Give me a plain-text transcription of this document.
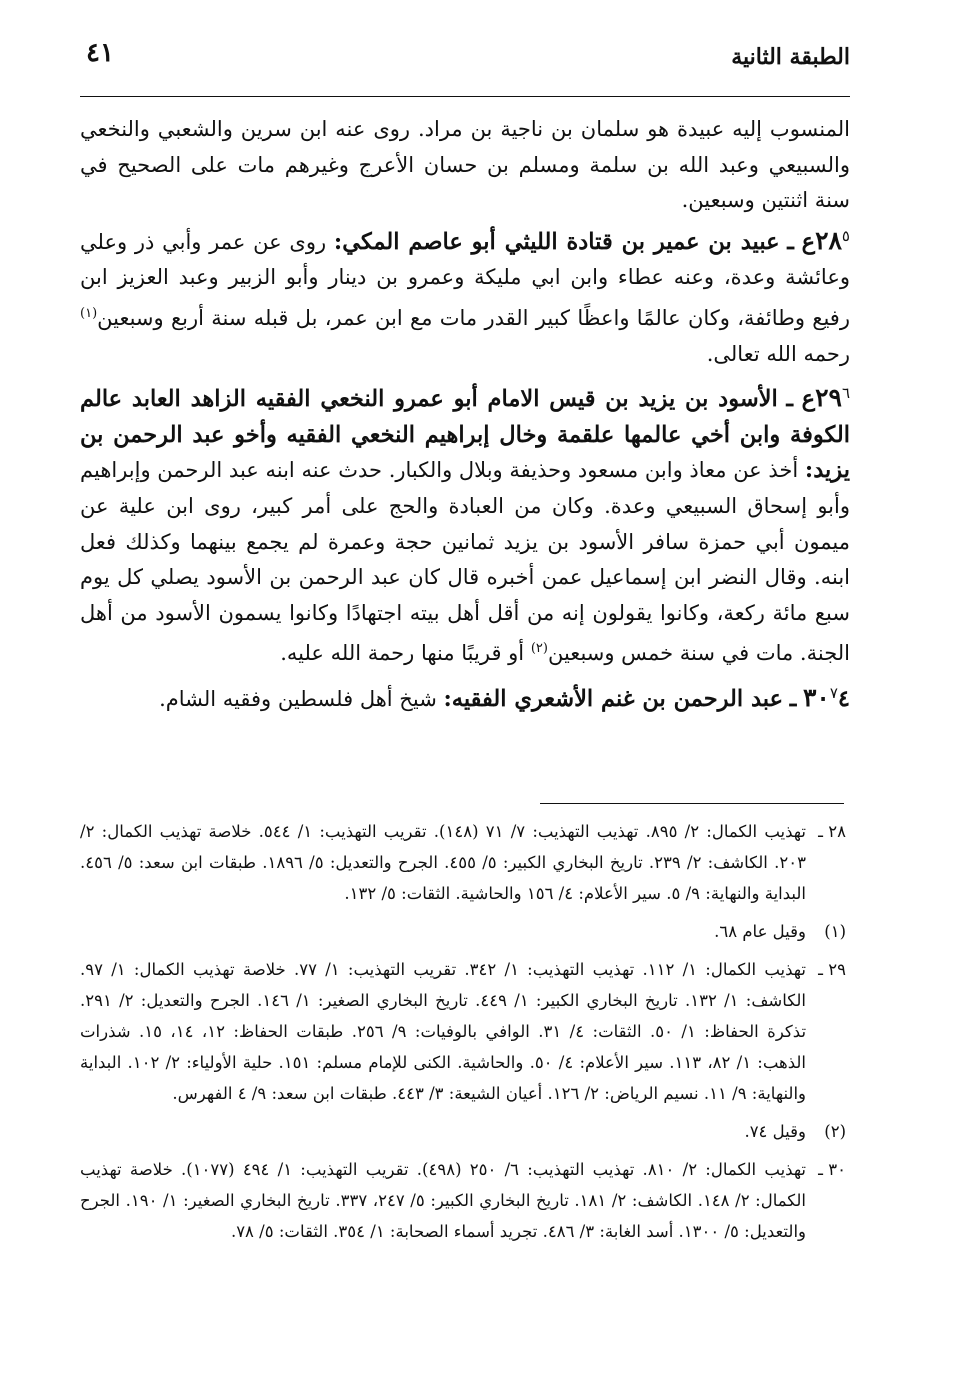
٤١	الطبقة الثانية

المنسوب إليه عبيدة هو سلمان بن ناجية بن مراد. روى عنه ابن سرين والشعبي والنخعي والسبيعي وعبد الله بن سلمة ومسلم بن حسان الأعرج وغيرهم مات على الصحيح في سنة اثنتين وسبعين.

$٢٨^٥ع$ ـ عبيد بن عمير بن قتادة الليثي أبو عاصم المكي: روى عن عمر وأبي ذر وعلي وعائشة وعدة، وعنه عطاء وابن ابي مليكة وعمرو بن دينار وأبو الزبير وعبد العزيز ابن رفيع وطائفة، وكان عالمًا واعظًا كبير القدر مات مع ابن عمر، بل قبله سنة أربع وسبعين$^{(١)}$ رحمه الله تعالى.

$٢٩^٦ع$ ـ الأسود بن يزيد بن قيس الامام أبو عمرو النخعي الفقيه الزاهد العابد عالم الكوفة وابن أخي عالمها علقمة وخال إبراهيم النخعي الفقيه وأخو عبد الرحمن بن يزيد: أخذ عن معاذ وابن مسعود وحذيفة وبلال والكبار. حدث عنه ابنه عبد الرحمن وإبراهيم وأبو إسحاق السبيعي وعدة. وكان من العبادة والحج على أمر كبير، روى ابن علية عن ميمون أبي حمزة سافر الأسود بن يزيد ثمانين حجة وعمرة لم يجمع بينهما وكذلك فعل ابنه. وقال النضر ابن إسماعيل عمن أخبره قال كان عبد الرحمن بن الأسود يصلي كل يوم سبع مائة ركعة، وكانوا يقولون إنه من أقل أهل بيته اجتهادًا وكانوا يسمون الأسود من أهل الجنة. مات في سنة خمس وسبعين$^{(٢)}$ أو قريبًا منها رحمة الله عليه.

$٣٠^٧٤$ ـ عبد الرحمن بن غنم الأشعري الفقيه: شيخ أهل فلسطين وفقيه الشام.

٢٨ ـ
تهذيب الكمال: ٢/ ٨٩٥. تهذيب التهذيب: ٧/ ٧١ (١٤٨). تقريب التهذيب: ١/ ٥٤٤. خلاصة تهذيب الكمال: ٢/ ٢٠٣. الكاشف: ٢/ ٢٣٩. تاريخ البخاري الكبير: ٥/ ٤٥٥. الجرح والتعديل: ٥/ ١٨٩٦. طبقات ابن سعد: ٥/ ٤٥٦. البداية والنهاية: ٩/ ٥. سير الأعلام: ٤/ ١٥٦ والحاشية. الثقات: ٥/ ١٣٢.

(١)
وقيل عام ٦٨.

٢٩ ـ
تهذيب الكمال: ١/ ١١٢. تهذيب التهذيب: ١/ ٣٤٢. تقريب التهذيب: ١/ ٧٧. خلاصة تهذيب الكمال: ١/ ٩٧. الكاشف: ١/ ١٣٢. تاريخ البخاري الكبير: ١/ ٤٤٩. تاريخ البخاري الصغير: ١/ ١٤٦. الجرح والتعديل: ٢/ ٢٩١. تذكرة الحفاظ: ١/ ٥٠. الثقات: ٤/ ٣١. الوافي بالوفيات: ٩/ ٢٥٦. طبقات الحفاظ: ١٢، ١٤، ١٥. شذرات الذهب: ١/ ٨٢، ١١٣. سير الأعلام: ٤/ ٥٠. والحاشية. الكنى للإمام مسلم: ١٥١. حلية الأولياء: ٢/ ١٠٢. البداية والنهاية: ٩/ ١١. نسيم الرياض: ٢/ ١٢٦. أعيان الشيعة: ٣/ ٤٤٣. طبقات ابن سعد: ٩/ ٤ الفهرس.

(٢)
وقيل ٧٤.

٣٠ ـ
تهذيب الكمال: ٢/ ٨١٠. تهذيب التهذيب: ٦/ ٢٥٠ (٤٩٨). تقريب التهذيب: ١/ ٤٩٤ (١٠٧٧). خلاصة تهذيب الكمال: ٢/ ١٤٨. الكاشف: ٢/ ١٨١. تاريخ البخاري الكبير: ٥/ ٢٤٧، ٣٣٧. تاريخ البخاري الصغير: ١/ ١٩٠. الجرح والتعديل: ٥/ ١٣٠٠. أسد الغابة: ٣/ ٤٨٦. تجريد أسماء الصحابة: ١/ ٣٥٤. الثقات: ٥/ ٧٨.
